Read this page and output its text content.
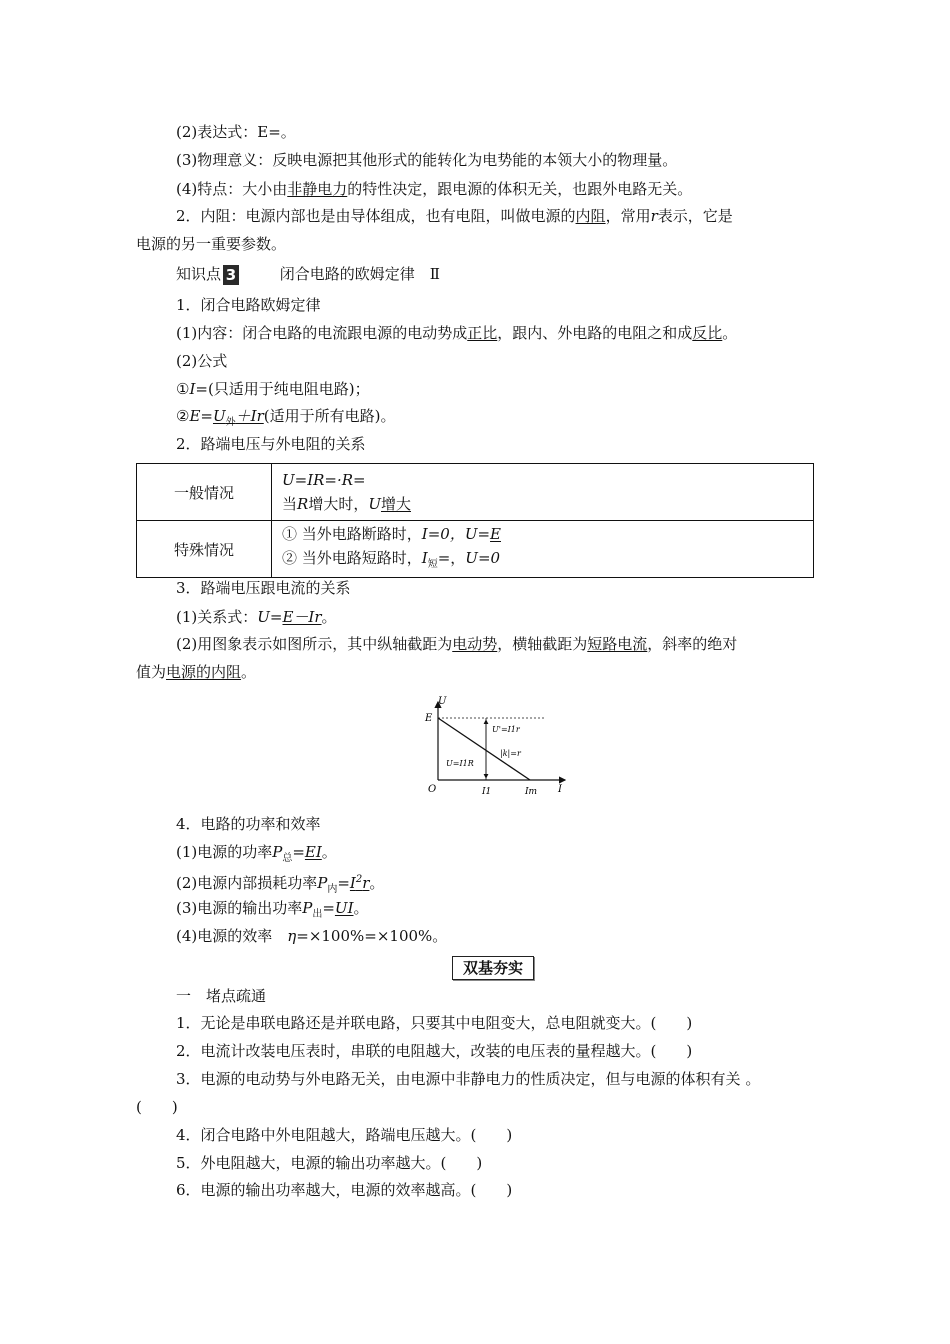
(2)表达式：E=。
(3)物理意义：反映电源把其他形式的能转化为电势能的本领大小的物理量。
(4)特点：大小由非静电力的特性决定，跟电源的体积无关，也跟外电路无关。
2．内阻：电源内部也是由导体组成，也有电阻，叫做电源的内阻，常用r表示，它是
电源的另一重要参数。
知识点 3	闭合电路的欧姆定律　Ⅱ
1．闭合电路欧姆定律
(1)内容：闭合电路的电流跟电源的电动势成正比，跟内、外电路的电阻之和成反比。
(2)公式
①I=(只适用于纯电阻电路)；
$②E=U_外+Ir$(适用于所有电路)。
2．路端电压与外电阻的关系
一般情况	U=IR=·R=
当R增大时，U增大

特殊情况	① 当外电路断路时，I=0，U=E
② 当外电路短路时，$I_短=$，U=0
3．路端电压跟电流的关系
(1)关系式：U=E－Ir。
(2)用图象表示如图所示，其中纵轴截距为电动势，横轴截距为短路电流，斜率的绝对
值为电源的内阻。
U
I
O
E
I1	Im
U'=I1r
|k|=r
U=I1R
4．电路的功率和效率
(1)电源的功率$P_总=EI$。
(2)电源内部损耗功率$P_内=I^2r$。
(3)电源的输出功率$P_出=UI$。
(4)电源的效率　η=×100%=×100%。
双基夯实
一　堵点疏通
1．无论是串联电路还是并联电路，只要其中电阻变大，总电阻就变大。(　　)
2．电流计改装电压表时，串联的电阻越大，改装的电压表的量程越大。(　　)
3．电源的电动势与外电路无关，由电源中非静电力的性质决定，但与电源的体积有关 。
(　　)
4．闭合电路中外电阻越大，路端电压越大。(　　)
5．外电阻越大，电源的输出功率越大。(　　)
6．电源的输出功率越大，电源的效率越高。(　　)
